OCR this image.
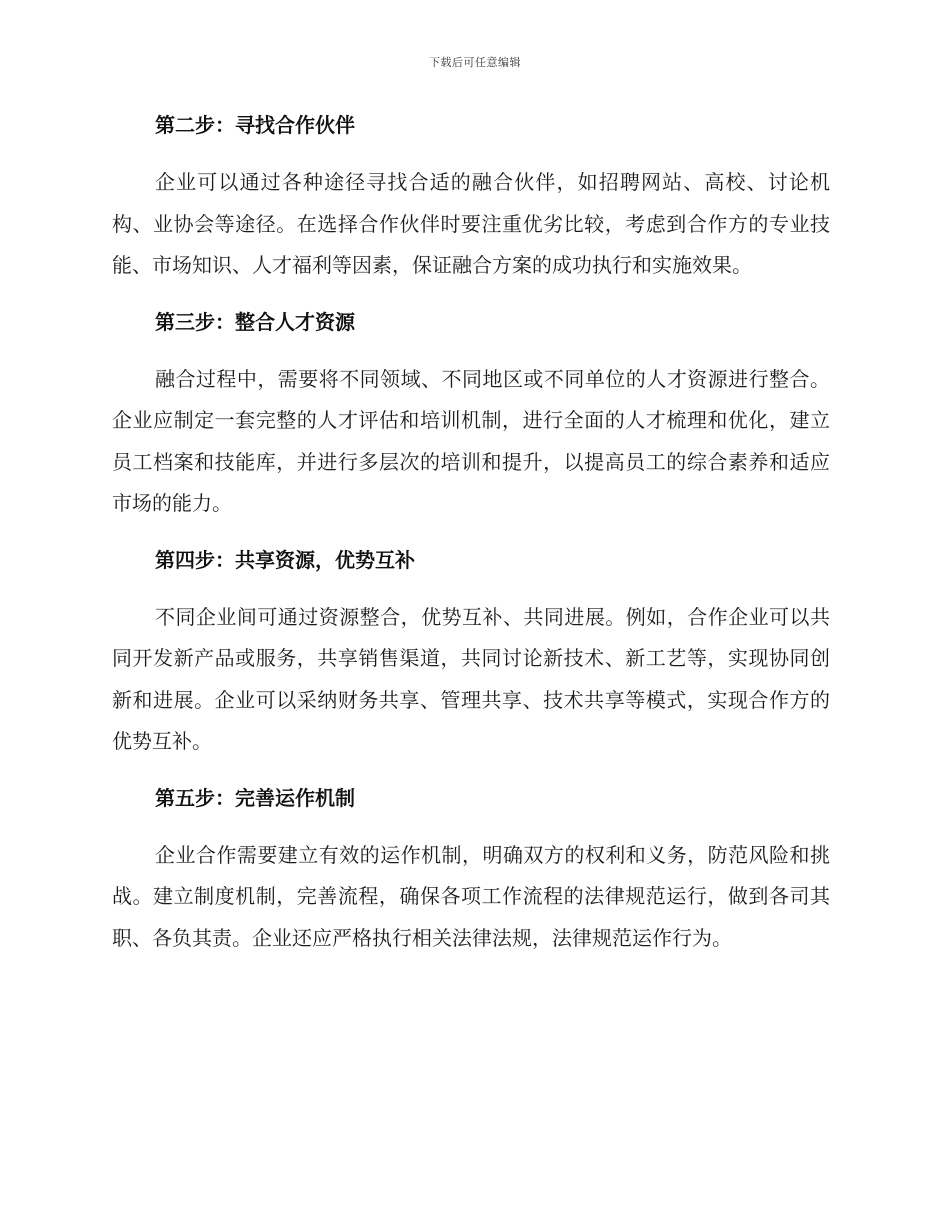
下载后可任意编辑
第二步：寻找合作伙伴

企业可以通过各种途径寻找合适的融合伙伴，如招聘网站、高校、讨论机构、业协会等途径。在选择合作伙伴时要注重优劣比较，考虑到合作方的专业技能、市场知识、人才福利等因素，保证融合方案的成功执行和实施效果。

第三步：整合人才资源

融合过程中，需要将不同领域、不同地区或不同单位的人才资源进行整合。企业应制定一套完整的人才评估和培训机制，进行全面的人才梳理和优化，建立员工档案和技能库，并进行多层次的培训和提升，以提高员工的综合素养和适应市场的能力。

第四步：共享资源，优势互补

不同企业间可通过资源整合，优势互补、共同进展。例如，合作企业可以共同开发新产品或服务，共享销售渠道，共同讨论新技术、新工艺等，实现协同创新和进展。企业可以采纳财务共享、管理共享、技术共享等模式，实现合作方的优势互补。

第五步：完善运作机制

企业合作需要建立有效的运作机制，明确双方的权利和义务，防范风险和挑战。建立制度机制，完善流程，确保各项工作流程的法律规范运行，做到各司其职、各负其责。企业还应严格执行相关法律法规，法律规范运作行为。
